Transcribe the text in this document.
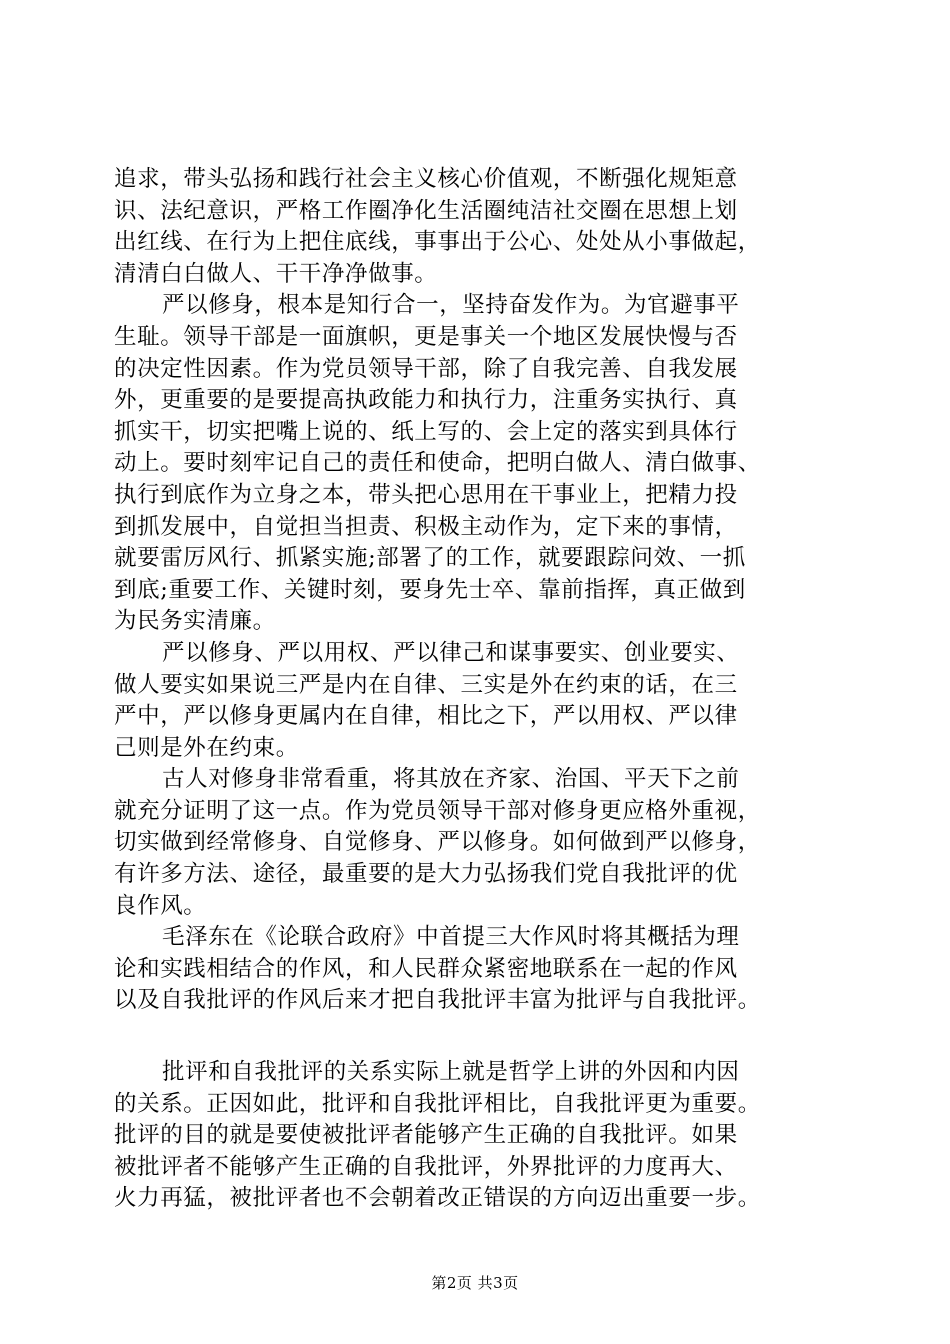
追求，带头弘扬和践行社会主义核心价值观，不断强化规矩意
识、法纪意识，严格工作圈净化生活圈纯洁社交圈在思想上划
出红线、在行为上把住底线，事事出于公心、处处从小事做起，
清清白白做人、干干净净做事。
严以修身，根本是知行合一，坚持奋发作为。为官避事平
生耻。领导干部是一面旗帜，更是事关一个地区发展快慢与否
的决定性因素。作为党员领导干部，除了自我完善、自我发展
外，更重要的是要提高执政能力和执行力，注重务实执行、真
抓实干，切实把嘴上说的、纸上写的、会上定的落实到具体行
动上。要时刻牢记自己的责任和使命，把明白做人、清白做事、
执行到底作为立身之本，带头把心思用在干事业上，把精力投
到抓发展中，自觉担当担责、积极主动作为，定下来的事情，
就要雷厉风行、抓紧实施;部署了的工作，就要跟踪问效、一抓
到底;重要工作、关键时刻，要身先士卒、靠前指挥，真正做到
为民务实清廉。
严以修身、严以用权、严以律己和谋事要实、创业要实、
做人要实如果说三严是内在自律、三实是外在约束的话，在三
严中，严以修身更属内在自律，相比之下，严以用权、严以律
己则是外在约束。
古人对修身非常看重，将其放在齐家、治国、平天下之前
就充分证明了这一点。作为党员领导干部对修身更应格外重视，
切实做到经常修身、自觉修身、严以修身。如何做到严以修身，
有许多方法、途径，最重要的是大力弘扬我们党自我批评的优
良作风。
毛泽东在《论联合政府》中首提三大作风时将其概括为理
论和实践相结合的作风，和人民群众紧密地联系在一起的作风
以及自我批评的作风后来才把自我批评丰富为批评与自我批评。
批评和自我批评的关系实际上就是哲学上讲的外因和内因
的关系。正因如此，批评和自我批评相比，自我批评更为重要。
批评的目的就是要使被批评者能够产生正确的自我批评。如果
被批评者不能够产生正确的自我批评，外界批评的力度再大、
火力再猛，被批评者也不会朝着改正错误的方向迈出重要一步。
第2页 共3页
